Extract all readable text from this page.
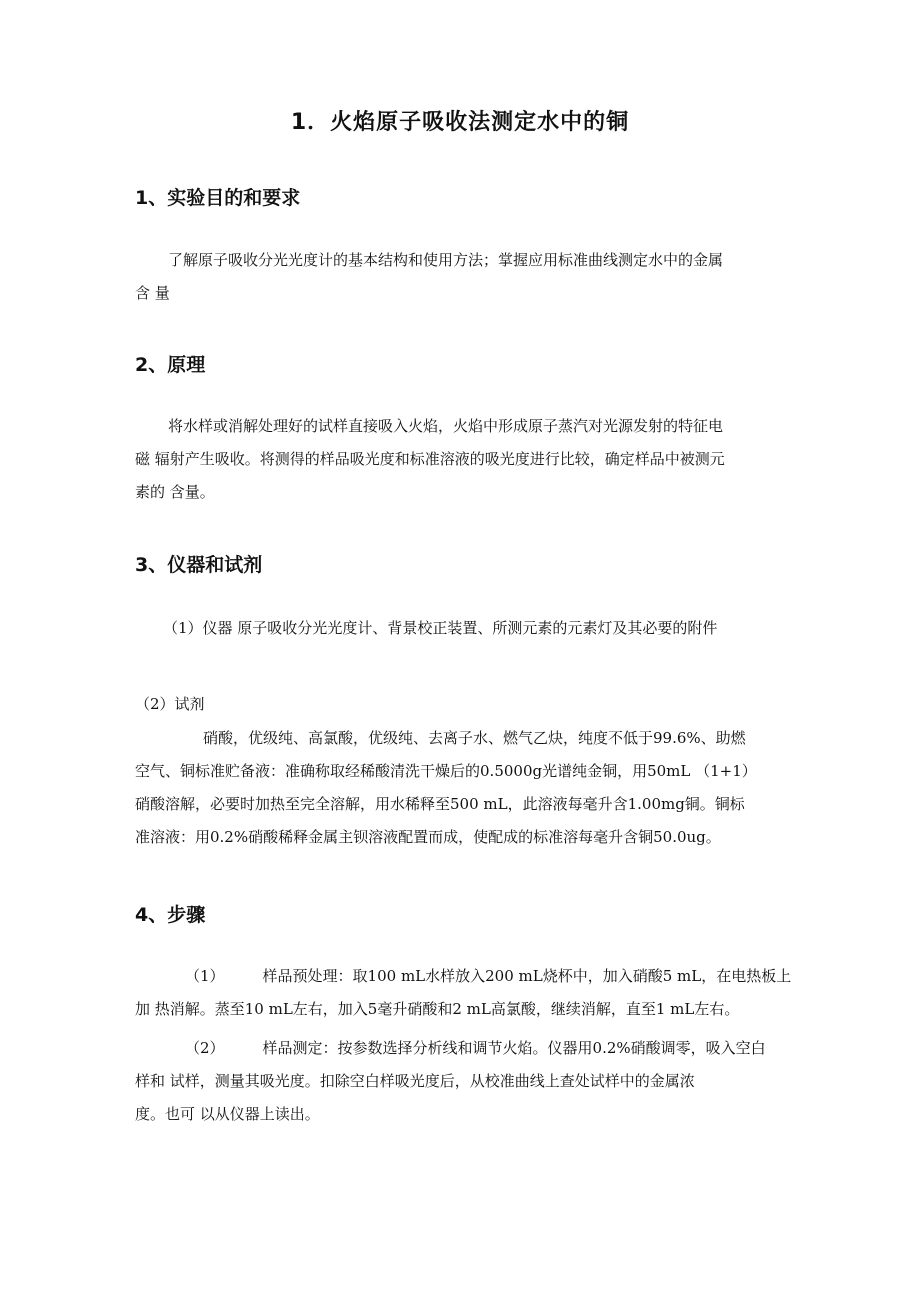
1．火焰原子吸收法测定水中的铜
1、实验目的和要求
了解原子吸收分光光度计的基本结构和使用方法；掌握应用标准曲线测定水中的金属
含 量
2、原理
将水样或消解处理好的试样直接吸入火焰，火焰中形成原子蒸汽对光源发射的特征电
磁 辐射产生吸收。将测得的样品吸光度和标准溶液的吸光度进行比较，确定样品中被测元
素的 含量。
3、仪器和试剂
（1）仪器 原子吸收分光光度计、背景校正装置、所测元素的元素灯及其必要的附件
（2）试剂
硝酸，优级纯、高氯酸，优级纯、去离子水、燃气乙炔，纯度不低于99.6%、助燃
空气、铜标准贮备液：准确称取经稀酸清洗干燥后的0.5000g光谱纯金铜，用50mL （1+1）
硝酸溶解，必要时加热至完全溶解，用水稀释至500 mL，此溶液每毫升含1.00mg铜。铜标
准溶液：用0.2%硝酸稀释金属主钡溶液配置而成，使配成的标准溶每毫升含铜50.0ug。
4、步骤
（1）	样品预处理：取100 mL水样放入200 mL烧杯中，加入硝酸5 mL，在电热板上
加 热消解。蒸至10 mL左右，加入5毫升硝酸和2 mL高氯酸，继续消解，直至1 mL左右。
（2）	样品测定：按参数选择分析线和调节火焰。仪器用0.2%硝酸调零，吸入空白
样和 试样，测量其吸光度。扣除空白样吸光度后，从校准曲线上查处试样中的金属浓
度。也可 以从仪器上读出。
